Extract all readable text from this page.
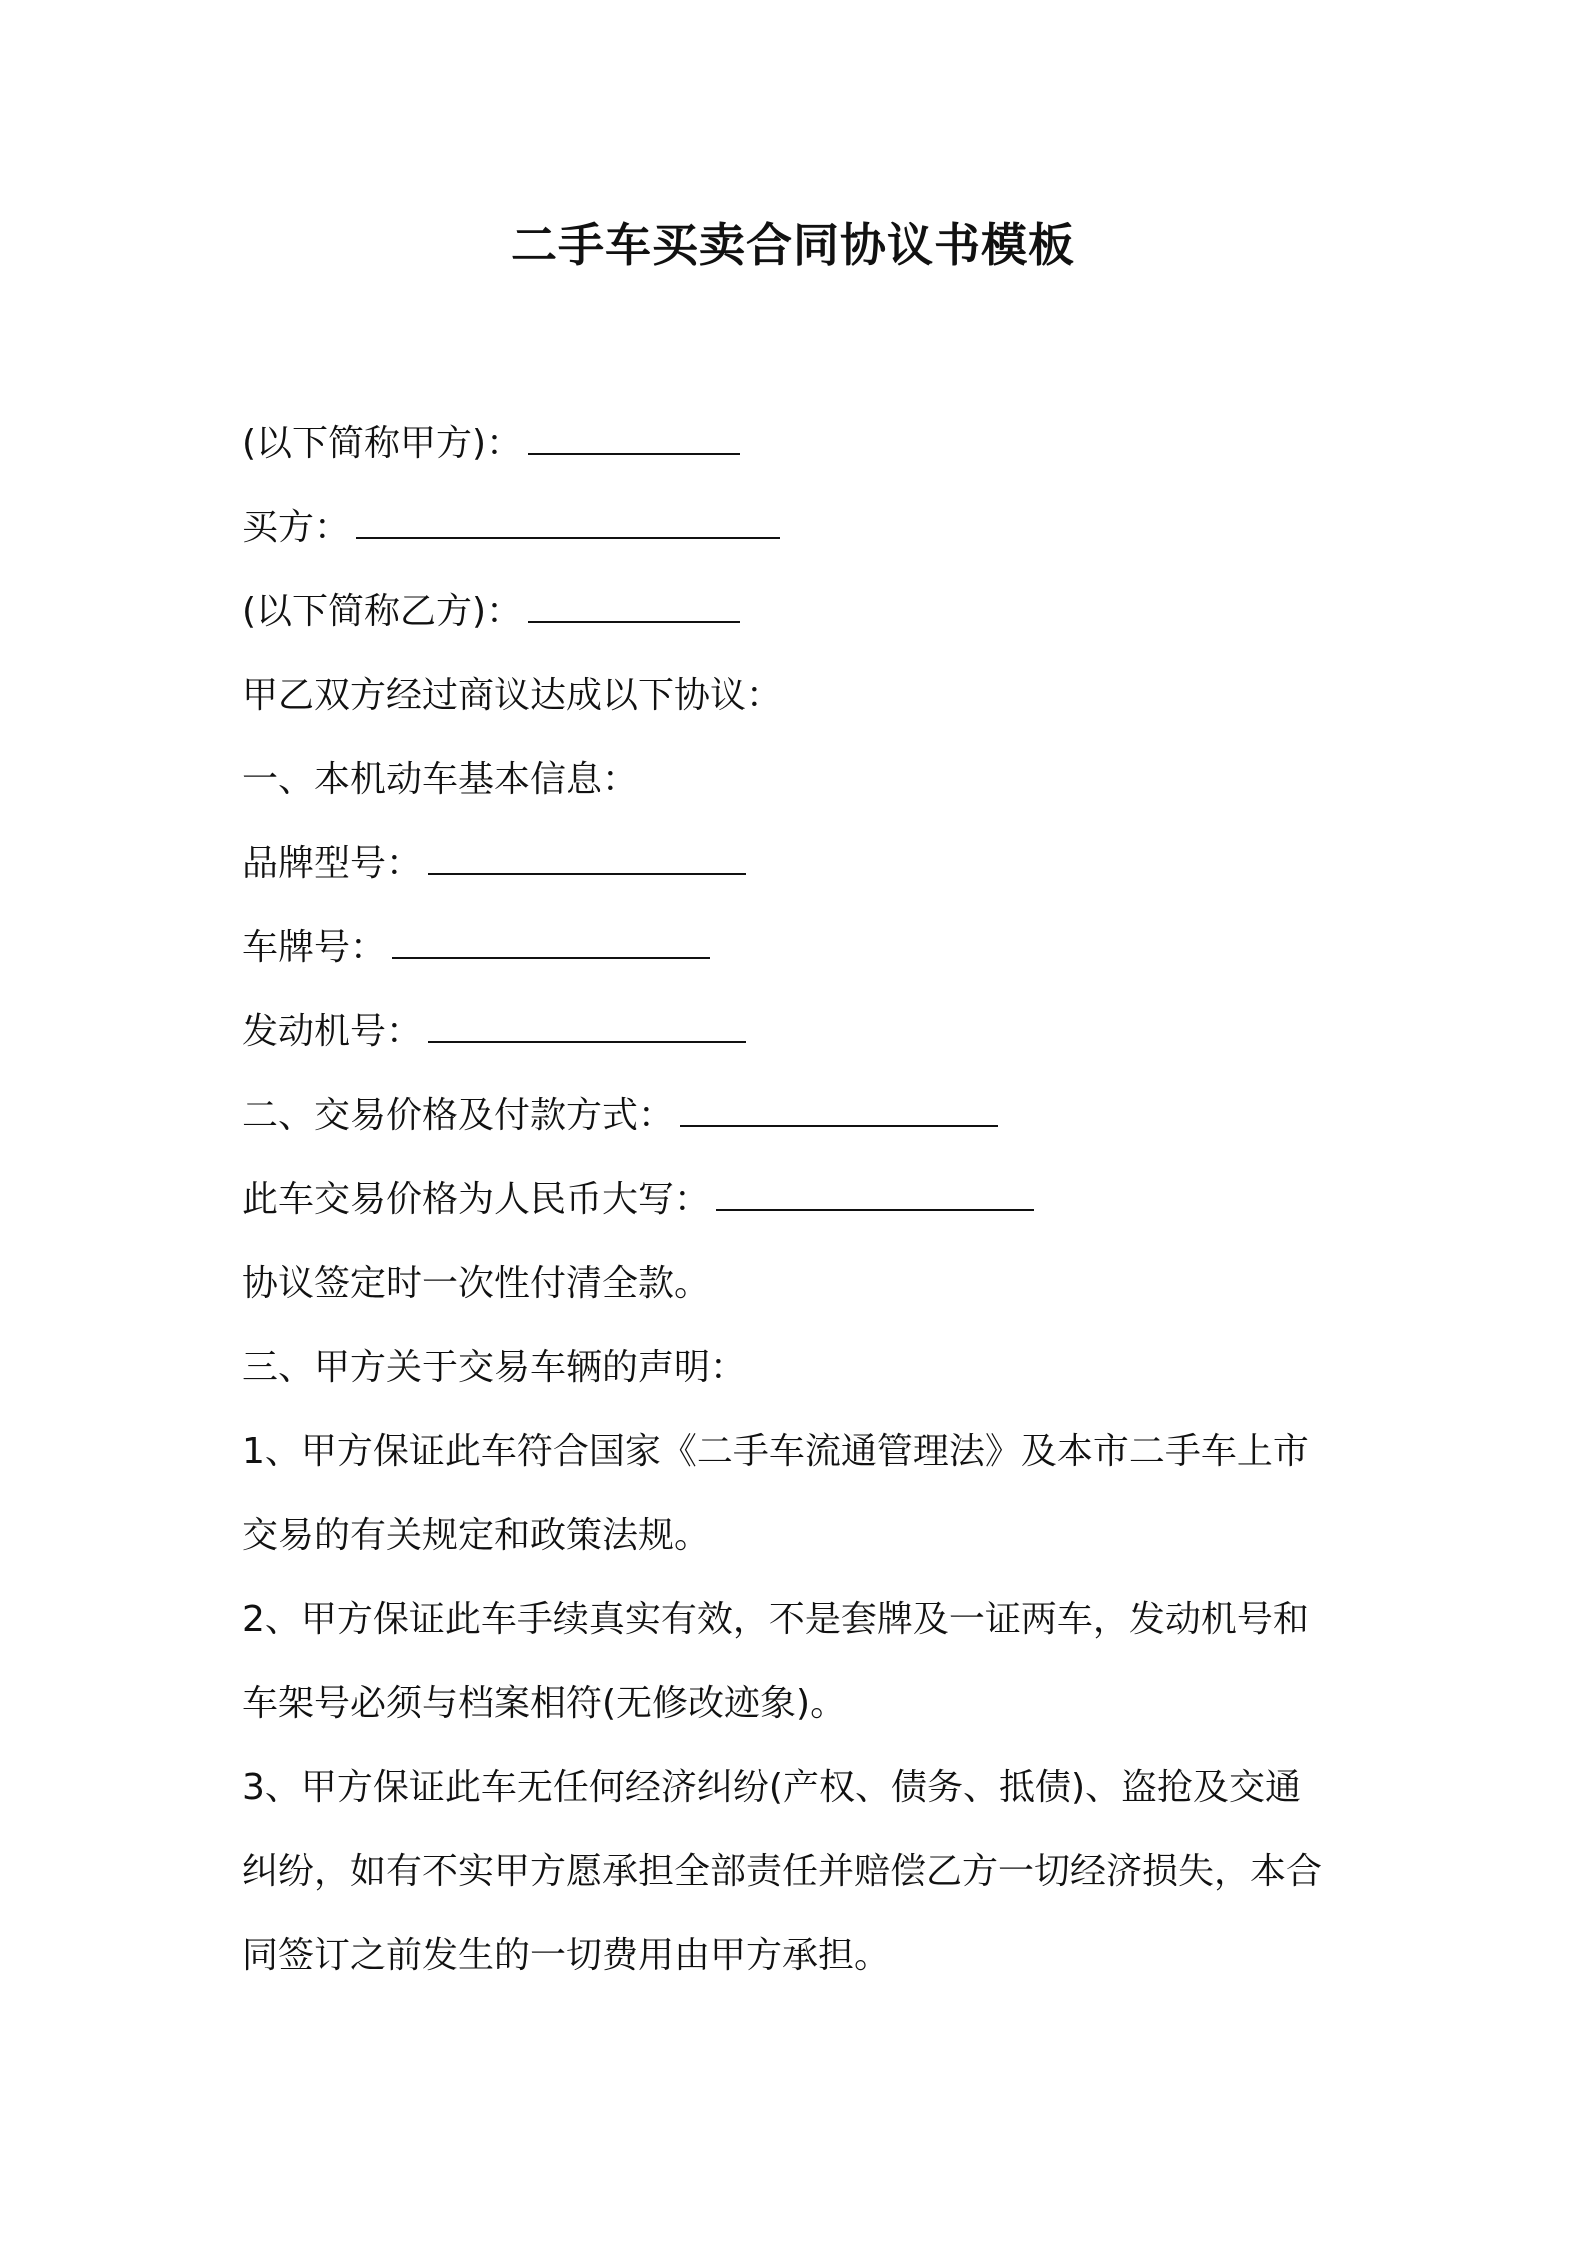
二手车买卖合同协议书模板
(以下简称甲方)：
买方：
(以下简称乙方)：
甲乙双方经过商议达成以下协议：
一、本机动车基本信息：
品牌型号：
车牌号：
发动机号：
二、交易价格及付款方式：
此车交易价格为人民币大写：
协议签定时一次性付清全款。
三、甲方关于交易车辆的声明：
1、甲方保证此车符合国家《二手车流通管理法》及本市二手车上市
交易的有关规定和政策法规。
2、甲方保证此车手续真实有效，不是套牌及一证两车，发动机号和
车架号必须与档案相符(无修改迹象)。
3、甲方保证此车无任何经济纠纷(产权、债务、抵债)、盗抢及交通
纠纷，如有不实甲方愿承担全部责任并赔偿乙方一切经济损失，本合
同签订之前发生的一切费用由甲方承担。
